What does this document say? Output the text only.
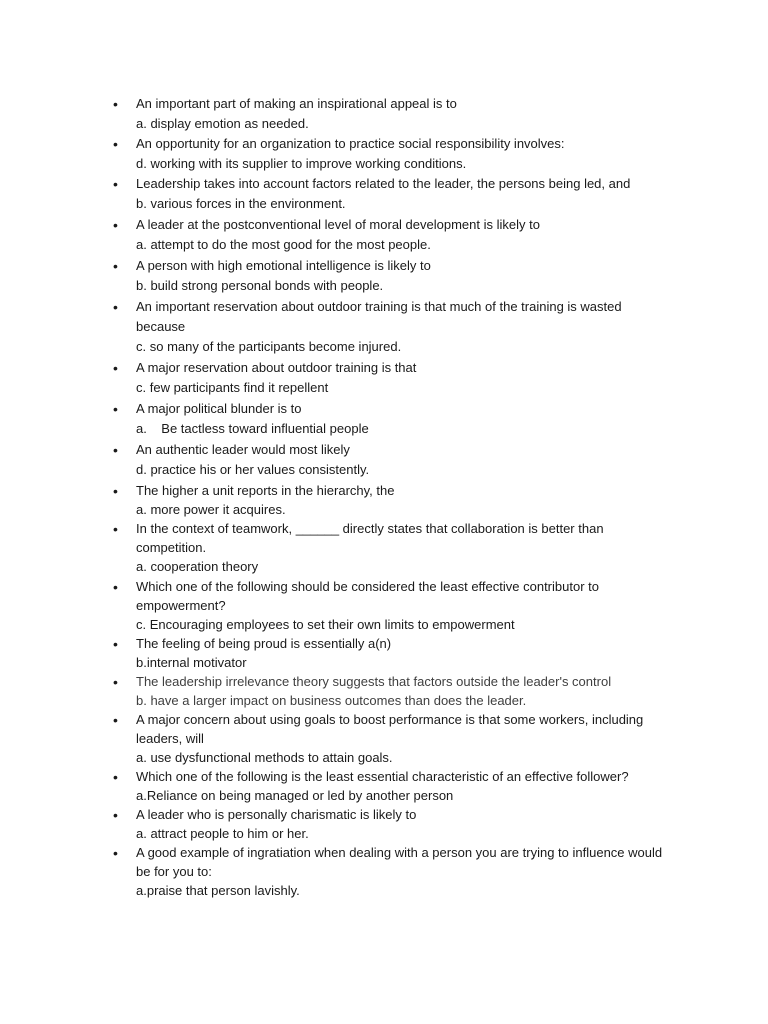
•	An important part of making an inspirational appeal is to
a. display emotion as needed.
•	An opportunity for an organization to practice social responsibility involves:
d. working with its supplier to improve working conditions.
•	Leadership takes into account factors related to the leader, the persons being led, and
b. various forces in the environment.
•	A leader at the postconventional level of moral development is likely to
a. attempt to do the most good for the most people.
•	A person with high emotional intelligence is likely to
b. build strong personal bonds with people.
•	An important reservation about outdoor training is that much of the training is wasted because
c. so many of the participants become injured.
•	A major reservation about outdoor training is that
c. few participants find it repellent
•	A major political blunder is to
a.    Be tactless toward influential people
•	An authentic leader would most likely
d. practice his or her values consistently.
•	The higher a unit reports in the hierarchy, the
a. more power it acquires.
•	In the context of teamwork, ______ directly states that collaboration is better than competition.
a. cooperation theory
•	Which one of the following should be considered the least effective contributor to empowerment?
c. Encouraging employees to set their own limits to empowerment
•	The feeling of being proud is essentially a(n)
b.internal motivator
•	The leadership irrelevance theory suggests that factors outside the leader's control
b. have a larger impact on business outcomes than does the leader.
•	A major concern about using goals to boost performance is that some workers, including leaders, will
a. use dysfunctional methods to attain goals.
•	Which one of the following is the least essential characteristic of an effective follower?
a.Reliance on being managed or led by another person
•	A leader who is personally charismatic is likely to
a. attract people to him or her.
•	A good example of ingratiation when dealing with a person you are trying to influence would be for you to:
a.praise that person lavishly.
